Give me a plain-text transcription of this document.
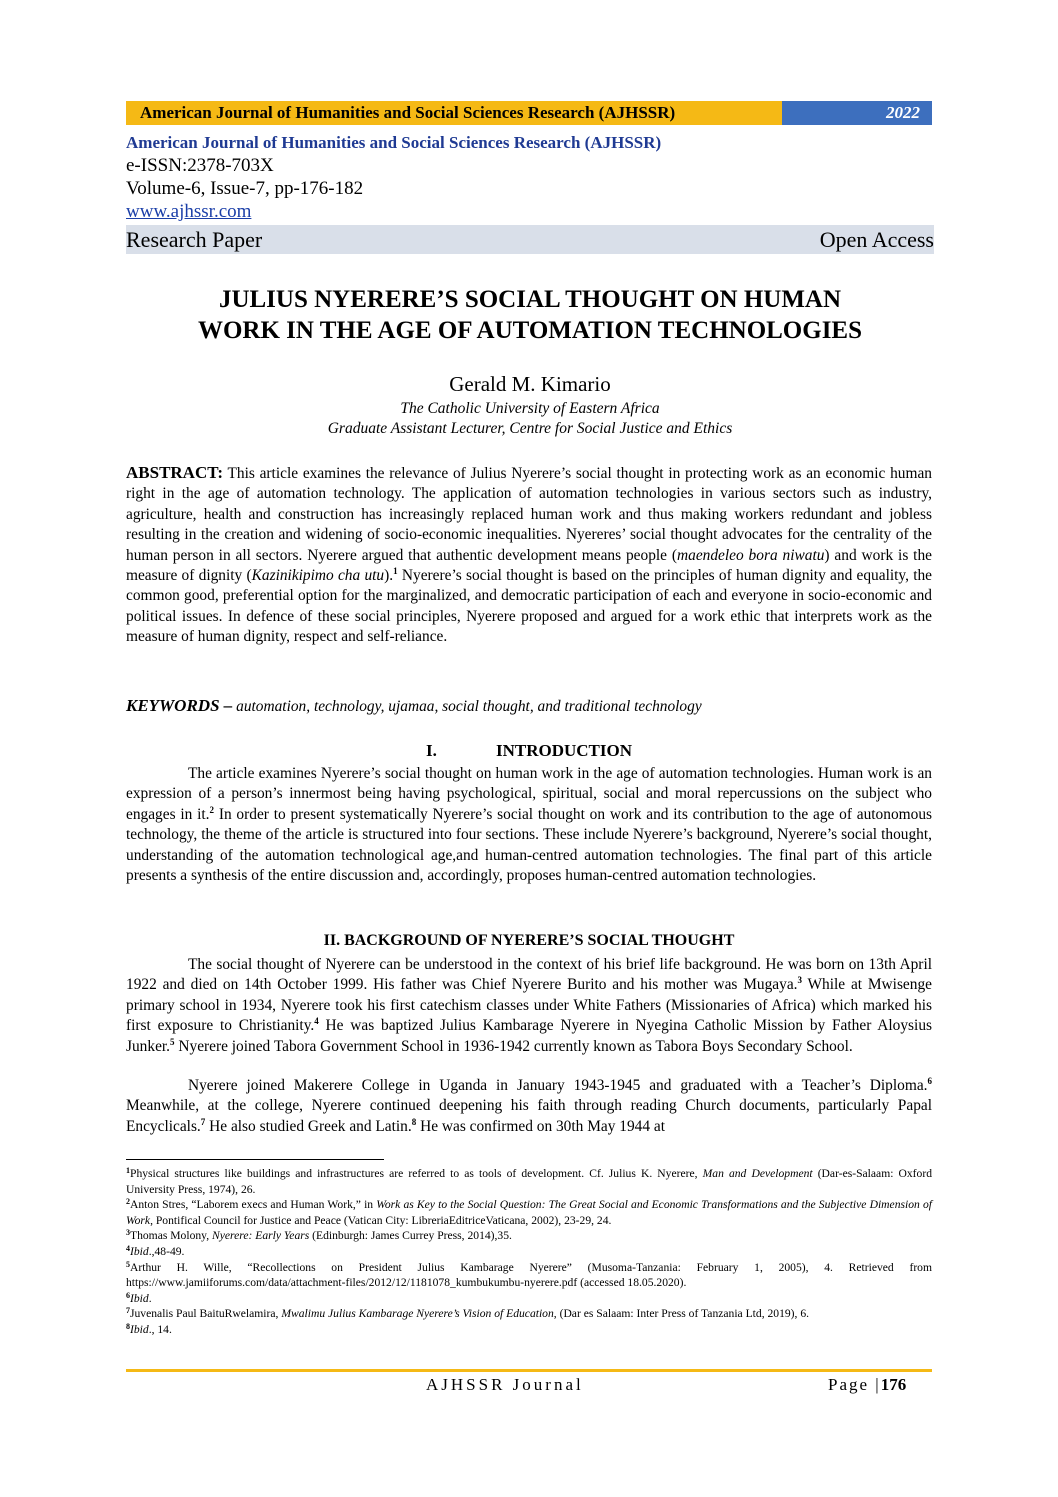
American Journal of Humanities and Social Sciences Research (AJHSSR)	2022
American Journal of Humanities and Social Sciences Research (AJHSSR)
e-ISSN:2378-703X
Volume-6, Issue-7, pp-176-182
www.ajhssr.com
Research Paper	Open Access
JULIUS NYERERE’S SOCIAL THOUGHT ON HUMAN
WORK IN THE AGE OF AUTOMATION TECHNOLOGIES
Gerald M. Kimario
The Catholic University of Eastern Africa
Graduate Assistant Lecturer, Centre for Social Justice and Ethics
ABSTRACT: This article examines the relevance of Julius Nyerere’s social thought in protecting work as an economic human right in the age of automation technology. The application of automation technologies in various sectors such as industry, agriculture, health and construction has increasingly replaced human work and thus making workers redundant and jobless resulting in the creation and widening of socio-economic inequalities. Nyereres’ social thought advocates for the centrality of the human person in all sectors. Nyerere argued that authentic development means people (maendeleo bora niwatu) and work is the measure of dignity (Kazinikipimo cha utu).$^1$ Nyerere’s social thought is based on the principles of human dignity and equality, the common good, preferential option for the marginalized, and democratic participation of each and everyone in socio-economic and political issues. In defence of these social principles, Nyerere proposed and argued for a work ethic that interprets work as the measure of human dignity, respect and self-reliance.
KEYWORDS – automation, technology, ujamaa, social thought, and traditional technology
I.	INTRODUCTION
The article examines Nyerere’s social thought on human work in the age of automation technologies. Human work is an expression of a person’s innermost being having psychological, spiritual, social and moral repercussions on the subject who engages in it.$^2$ In order to present systematically Nyerere’s social thought on work and its contribution to the age of autonomous technology, the theme of the article is structured into four sections. These include Nyerere’s background, Nyerere’s social thought, understanding of the automation technological age,and human-centred automation technologies. The final part of this article presents a synthesis of the entire discussion and, accordingly, proposes human-centred automation technologies.
II. BACKGROUND OF NYERERE’S SOCIAL THOUGHT
The social thought of Nyerere can be understood in the context of his brief life background. He was born on 13th April 1922 and died on 14th October 1999. His father was Chief Nyerere Burito and his mother was Mugaya.$^3$ While at Mwisenge primary school in 1934, Nyerere took his first catechism classes under White Fathers (Missionaries of Africa) which marked his first exposure to Christianity.$^4$ He was baptized Julius Kambarage Nyerere in Nyegina Catholic Mission by Father Aloysius Junker.$^5$ Nyerere joined Tabora Government School in 1936-1942 currently known as Tabora Boys Secondary School.
Nyerere joined Makerere College in Uganda in January 1943-1945 and graduated with a Teacher’s Diploma.$^6$ Meanwhile, at the college, Nyerere continued deepening his faith through reading Church documents, particularly Papal Encyclicals.$^7$ He also studied Greek and Latin.$^8$ He was confirmed on 30th May 1944 at
$^1$Physical structures like buildings and infrastructures are referred to as tools of development. Cf. Julius K. Nyerere, Man and Development (Dar-es-Salaam: Oxford University Press, 1974), 26.
$^2$Anton Stres, “Laborem execs and Human Work,” in Work as Key to the Social Question: The Great Social and Economic Transformations and the Subjective Dimension of Work, Pontifical Council for Justice and Peace (Vatican City: LibreriaEditriceVaticana, 2002), 23-29, 24.
$^3$Thomas Molony, Nyerere: Early Years (Edinburgh: James Currey Press, 2014),35.
$^4$Ibid.,48-49.
$^5$Arthur H. Wille, “Recollections on President Julius Kambarage Nyerere” (Musoma-Tanzania: February 1, 2005), 4. Retrieved from https://www.jamiiforums.com/data/attachment-files/2012/12/1181078_kumbukumbu-nyerere.pdf (accessed 18.05.2020).
$^6$Ibid.
$^7$Juvenalis Paul BaituRwelamira, Mwalimu Julius Kambarage Nyerere’s Vision of Education, (Dar es Salaam: Inter Press of Tanzania Ltd, 2019), 6.
$^8$Ibid., 14.
AJHSSR Journal	Page |176
